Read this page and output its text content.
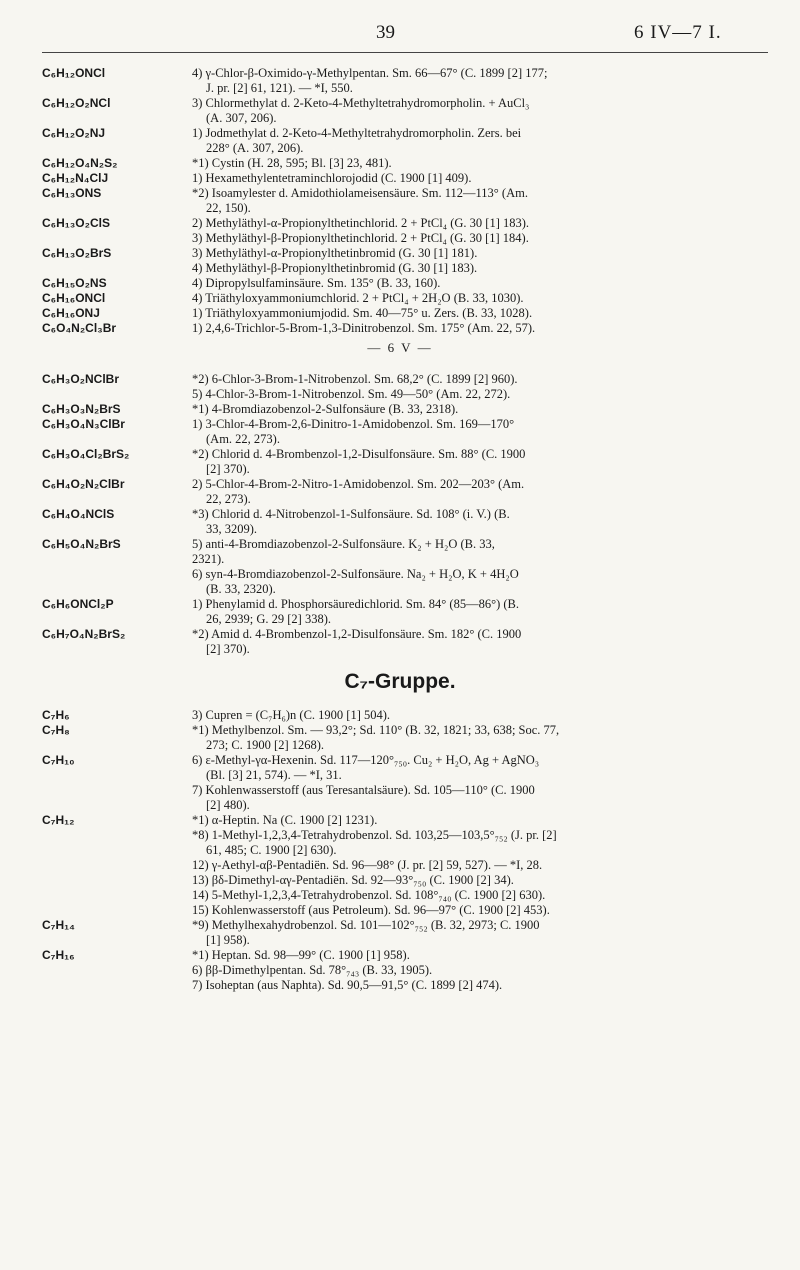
39	6 IV—7 I.
C₆H₁₂ONCl	4) γ-Chlor-β-Oximido-γ-Methylpentan. Sm. 66—67° (C. 1899 [2] 177;
J. pr. [2] 61, 121). — *I, 550.
C₆H₁₂O₂NCl	3) Chlormethylat d. 2-Keto-4-Methyltetrahydromorpholin. + AuCl₃
(A. 307, 206).
C₆H₁₂O₂NJ	1) Jodmethylat d. 2-Keto-4-Methyltetrahydromorpholin. Zers. bei
228° (A. 307, 206).
C₆H₁₂O₄N₂S₂	*1) Cystin (H. 28, 595; Bl. [3] 23, 481).
C₆H₁₂N₄ClJ	1) Hexamethylentetraminchlorojodid (C. 1900 [1] 409).
C₆H₁₃ONS	*2) Isoamylester d. Amidothiolameisensäure. Sm. 112—113° (Am.
22, 150).
C₆H₁₃O₂ClS	2) Methyläthyl-α-Propionylthetinchlorid. 2 + PtCl₄ (G. 30 [1] 183).
3) Methyläthyl-β-Propionylthetinchlorid. 2 + PtCl₄ (G. 30 [1] 184).
C₆H₁₃O₂BrS	3) Methyläthyl-α-Propionylthetinbromid (G. 30 [1] 181).
4) Methyläthyl-β-Propionylthetinbromid (G. 30 [1] 183).
C₆H₁₅O₂NS	4) Dipropylsulfaminsäure. Sm. 135° (B. 33, 160).
C₆H₁₆ONCl	4) Triäthyloxyammoniumchlorid. 2 + PtCl₄ + 2H₂O (B. 33, 1030).
C₆H₁₆ONJ	1) Triäthyloxyammoniumjodid. Sm. 40—75° u. Zers. (B. 33, 1028).
C₆O₄N₂Cl₃Br	1) 2,4,6-Trichlor-5-Brom-1,3-Dinitrobenzol. Sm. 175° (Am. 22, 57).
— 6 V —
C₆H₃O₂NClBr	*2) 6-Chlor-3-Brom-1-Nitrobenzol. Sm. 68,2° (C. 1899 [2] 960).
5) 4-Chlor-3-Brom-1-Nitrobenzol. Sm. 49—50° (Am. 22, 272).
C₆H₃O₃N₂BrS	*1) 4-Bromdiazobenzol-2-Sulfonsäure (B. 33, 2318).
C₆H₃O₄N₃ClBr	1) 3-Chlor-4-Brom-2,6-Dinitro-1-Amidobenzol. Sm. 169—170°
(Am. 22, 273).
C₆H₃O₄Cl₂BrS₂	*2) Chlorid d. 4-Brombenzol-1,2-Disulfonsäure. Sm. 88° (C. 1900
[2] 370).
C₆H₄O₂N₂ClBr	2) 5-Chlor-4-Brom-2-Nitro-1-Amidobenzol. Sm. 202—203° (Am.
22, 273).
C₆H₄O₄NClS	*3) Chlorid d. 4-Nitrobenzol-1-Sulfonsäure. Sd. 108° (i. V.) (B.
33, 3209).
C₆H₅O₄N₂BrS	5) anti-4-Bromdiazobenzol-2-Sulfonsäure. K₂ + H₂O (B. 33,
2321).
6) syn-4-Bromdiazobenzol-2-Sulfonsäure. Na₂ + H₂O, K + 4H₂O
(B. 33, 2320).
C₆H₆ONCl₂P	1) Phenylamid d. Phosphorsäuredichlorid. Sm. 84° (85—86°) (B.
26, 2939; G. 29 [2] 338).
C₆H₇O₄N₂BrS₂	*2) Amid d. 4-Brombenzol-1,2-Disulfonsäure. Sm. 182° (C. 1900
[2] 370).
C₇-Gruppe.
C₇H₆	3) Cupren = (C₇H₆)n (C. 1900 [1] 504).
C₇H₈	*1) Methylbenzol. Sm. — 93,2°; Sd. 110° (B. 32, 1821; 33, 638; Soc. 77,
273; C. 1900 [2] 1268).
C₇H₁₀	6) ε-Methyl-γα-Hexenin. Sd. 117—120°₇₅₀. Cu₂ + H₂O, Ag + AgNO₃
(Bl. [3] 21, 574). — *I, 31.
7) Kohlenwasserstoff (aus Teresantalsäure). Sd. 105—110° (C. 1900
[2] 480).
C₇H₁₂	*1) α-Heptin. Na (C. 1900 [2] 1231).
*8) 1-Methyl-1,2,3,4-Tetrahydrobenzol. Sd. 103,25—103,5°₇₅₂ (J. pr. [2]
61, 485; C. 1900 [2] 630).
12) γ-Aethyl-αβ-Pentadiën. Sd. 96—98° (J. pr. [2] 59, 527). — *I, 28.
13) βδ-Dimethyl-αγ-Pentadiën. Sd. 92—93°₇₅₀ (C. 1900 [2] 34).
14) 5-Methyl-1,2,3,4-Tetrahydrobenzol. Sd. 108°₇₄₀ (C. 1900 [2] 630).
15) Kohlenwasserstoff (aus Petroleum). Sd. 96—97° (C. 1900 [2] 453).
C₇H₁₄	*9) Methylhexahydrobenzol. Sd. 101—102°₇₅₂ (B. 32, 2973; C. 1900
[1] 958).
C₇H₁₆	*1) Heptan. Sd. 98—99° (C. 1900 [1] 958).
6) ββ-Dimethylpentan. Sd. 78°₇₄₃ (B. 33, 1905).
7) Isoheptan (aus Naphta). Sd. 90,5—91,5° (C. 1899 [2] 474).
